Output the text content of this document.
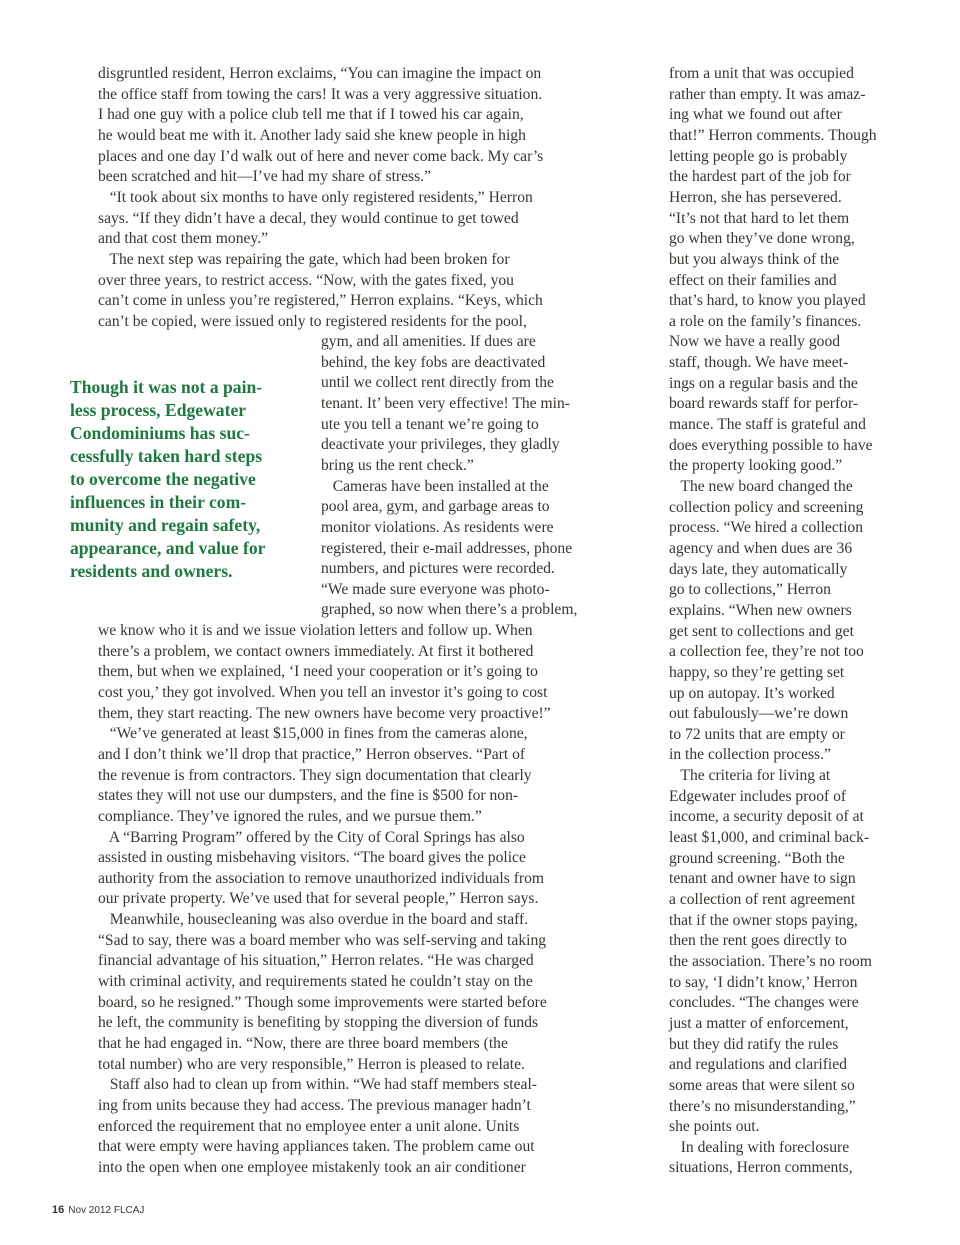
disgruntled resident, Herron exclaims, “You can imagine the impact on
the office staff from towing the cars! It was a very aggressive situation.
I had one guy with a police club tell me that if I towed his car again,
he would beat me with it. Another lady said she knew people in high
places and one day I’d walk out of here and never come back. My car’s
been scratched and hit—I’ve had my share of stress.”
“It took about six months to have only registered residents,” Herron
says. “If they didn’t have a decal, they would continue to get towed
and that cost them money.”
The next step was repairing the gate, which had been broken for
over three years, to restrict access. “Now, with the gates fixed, you
can’t come in unless you’re registered,” Herron explains. “Keys, which
can’t be copied, were issued only to registered residents for the pool,
gym, and all amenities. If dues are
behind, the key fobs are deactivated
until we collect rent directly from the
tenant. It’ been very effective! The min-
ute you tell a tenant we’re going to
deactivate your privileges, they gladly
bring us the rent check.”
Cameras have been installed at the
pool area, gym, and garbage areas to
monitor violations. As residents were
registered, their e-mail addresses, phone
numbers, and pictures were recorded.
“We made sure everyone was photo-
graphed, so now when there’s a problem,
we know who it is and we issue violation letters and follow up. When
there’s a problem, we contact owners immediately. At first it bothered
them, but when we explained, ‘I need your cooperation or it’s going to
cost you,’ they got involved. When you tell an investor it’s going to cost
them, they start reacting. The new owners have become very proactive!”
“We’ve generated at least $15,000 in fines from the cameras alone,
and I don’t think we’ll drop that practice,” Herron observes. “Part of
the revenue is from contractors. They sign documentation that clearly
states they will not use our dumpsters, and the fine is $500 for non-
compliance. They’ve ignored the rules, and we pursue them.”
A “Barring Program” offered by the City of Coral Springs has also
assisted in ousting misbehaving visitors. “The board gives the police
authority from the association to remove unauthorized individuals from
our private property. We’ve used that for several people,” Herron says.
Meanwhile, housecleaning was also overdue in the board and staff.
“Sad to say, there was a board member who was self-serving and taking
financial advantage of his situation,” Herron relates. “He was charged
with criminal activity, and requirements stated he couldn’t stay on the
board, so he resigned.” Though some improvements were started before
he left, the community is benefiting by stopping the diversion of funds
that he had engaged in. “Now, there are three board members (the
total number) who are very responsible,” Herron is pleased to relate.
Staff also had to clean up from within. “We had staff members steal-
ing from units because they had access. The previous manager hadn’t
enforced the requirement that no employee enter a unit alone. Units
that were empty were having appliances taken. The problem came out
into the open when one employee mistakenly took an air conditioner
from a unit that was occupied
rather than empty. It was amaz-
ing what we found out after
that!” Herron comments. Though
letting people go is probably
the hardest part of the job for
Herron, she has persevered.
“It’s not that hard to let them
go when they’ve done wrong,
but you always think of the
effect on their families and
that’s hard, to know you played
a role on the family’s finances.
Now we have a really good
staff, though. We have meet-
ings on a regular basis and the
board rewards staff for perfor-
mance. The staff is grateful and
does everything possible to have
the property looking good.”
The new board changed the
collection policy and screening
process. “We hired a collection
agency and when dues are 36
days late, they automatically
go to collections,” Herron
explains. “When new owners
get sent to collections and get
a collection fee, they’re not too
happy, so they’re getting set
up on autopay. It’s worked
out fabulously—we’re down
to 72 units that are empty or
in the collection process.”
The criteria for living at
Edgewater includes proof of
income, a security deposit of at
least $1,000, and criminal back-
ground screening. “Both the
tenant and owner have to sign
a collection of rent agreement
that if the owner stops paying,
then the rent goes directly to
the association. There’s no room
to say, ‘I didn’t know,’ Herron
concludes. “The changes were
just a matter of enforcement,
but they did ratify the rules
and regulations and clarified
some areas that were silent so
there’s no misunderstanding,”
she points out.
In dealing with foreclosure
situations, Herron comments,
Though it was not a pain-
less process, Edgewater
Condominiums has suc-
cessfully taken hard steps
to overcome the negative
influences in their com-
munity and regain safety,
appearance, and value for
residents and owners.
16 Nov 2012 FLCAJ
